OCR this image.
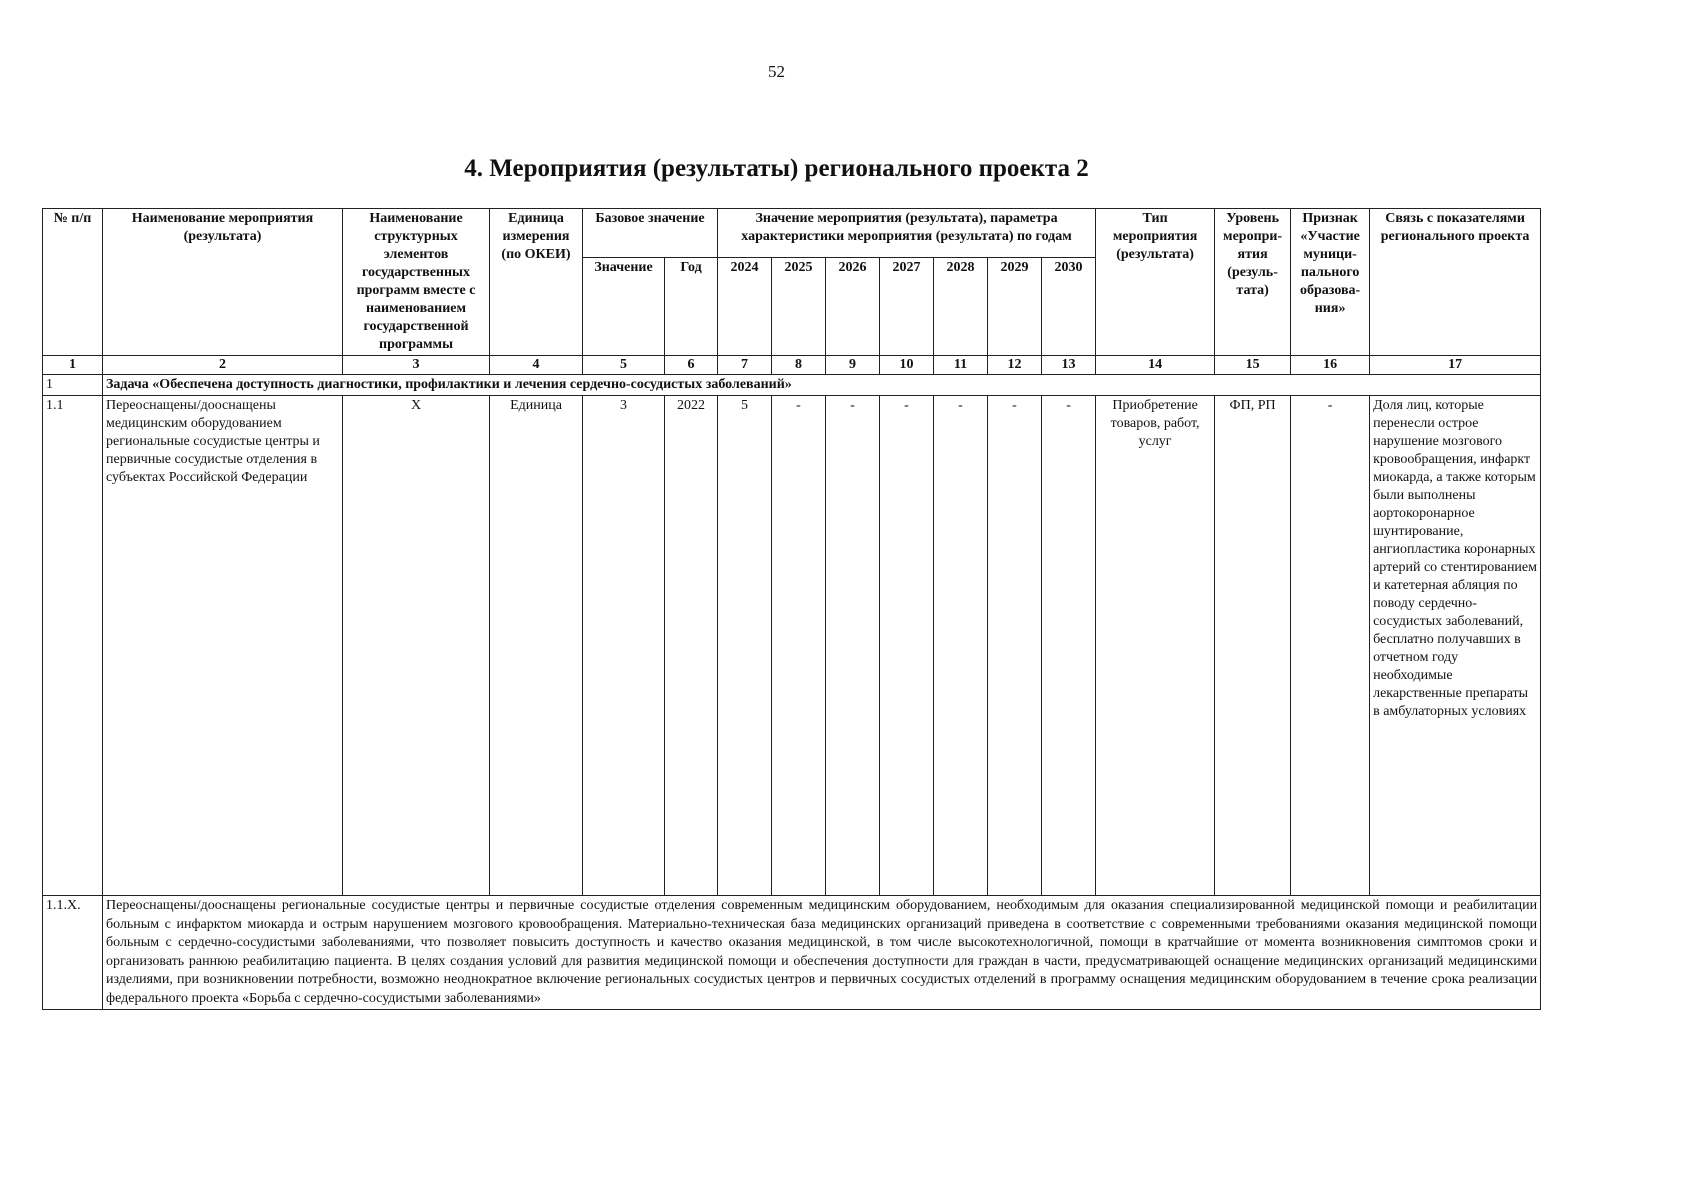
52
4. Мероприятия (результаты) регионального проекта 2
№ п/п	Наименование мероприятия (результата)	Наименование структурных элементов государственных программ вместе с наименованием государственной программы	Единица измерения (по ОКЕИ)	Базовое значение		Значение мероприятия (результата), параметра характеристики мероприятия (результата) по годам							Тип мероприятия (результата)	Уровень меропри-ятия (резуль-тата)	Признак «Участие муници-пального образова-ния»	Связь с показателями регионального проекта
				Значение	Год	2024	2025	2026	2027	2028	2029	2030				
1	2	3	4	5	6	7	8	9	10	11	12	13	14	15	16	17
1	Задача «Обеспечена доступность диагностики, профилактики и лечения сердечно-сосудистых заболеваний»															
1.1	Переоснащены/дооснащены медицинским оборудованием региональные сосудистые центры и первичные сосудистые отделения в субъектах Российской Федерации	Х	Единица	3	2022	5	-	-	-	-	-	-	Приобретение товаров, работ, услуг	ФП, РП	-	Доля лиц, которые перенесли острое нарушение мозгового кровообращения, инфаркт миокарда, а также которым были выполнены аортокоронарное шунтирование, ангиопластика коронарных артерий со стентированием и катетерная абляция по поводу сердечно-сосудистых заболеваний, бесплатно получавших в отчетном году необходимые лекарственные препараты в амбулаторных условиях
1.1.Х.	Переоснащены/дооснащены региональные сосудистые центры и первичные сосудистые отделения современным медицинским оборудованием, необходимым для оказания специализированной медицинской помощи и реабилитации больным с инфарктом миокарда и острым нарушением мозгового кровообращения. Материально-техническая база медицинских организаций приведена в соответствие с современными требованиями оказания медицинской помощи больным с сердечно-сосудистыми заболеваниями, что позволяет повысить доступность и качество оказания медицинской, в том числе высокотехнологичной, помощи в кратчайшие от момента возникновения симптомов сроки и организовать раннюю реабилитацию пациента. В целях создания условий для развития медицинской помощи и обеспечения доступности для граждан в части, предусматривающей оснащение медицинских организаций медицинскими изделиями, при возникновении потребности, возможно неоднократное включение региональных сосудистых центров и первичных сосудистых отделений в программу оснащения медицинским оборудованием в течение срока реализации федерального проекта «Борьба с сердечно-сосудистыми заболеваниями»															
